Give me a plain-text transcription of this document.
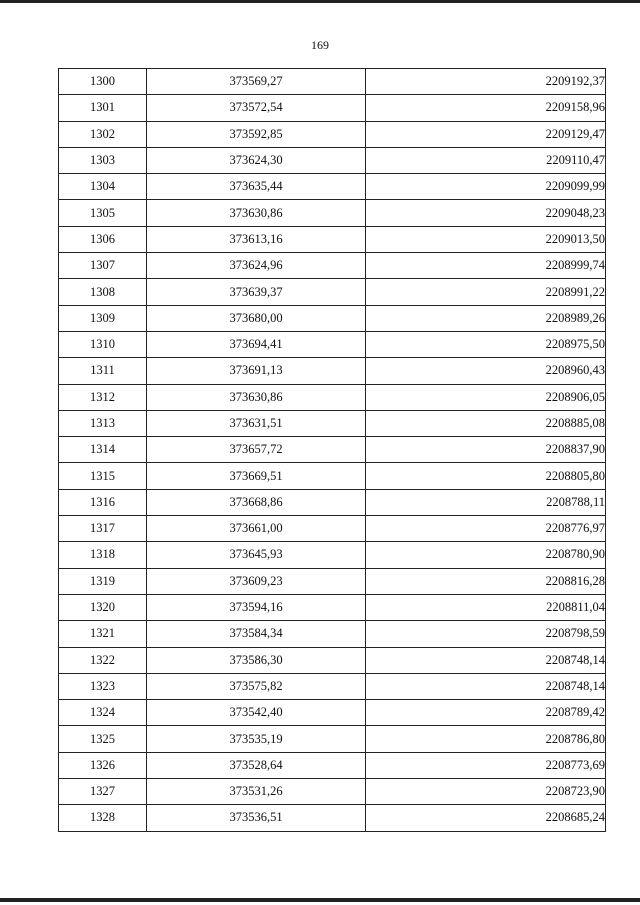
169
1300	373569,27	2209192,37
1301	373572,54	2209158,96
1302	373592,85	2209129,47
1303	373624,30	2209110,47
1304	373635,44	2209099,99
1305	373630,86	2209048,23
1306	373613,16	2209013,50
1307	373624,96	2208999,74
1308	373639,37	2208991,22
1309	373680,00	2208989,26
1310	373694,41	2208975,50
1311	373691,13	2208960,43
1312	373630,86	2208906,05
1313	373631,51	2208885,08
1314	373657,72	2208837,90
1315	373669,51	2208805,80
1316	373668,86	2208788,11
1317	373661,00	2208776,97
1318	373645,93	2208780,90
1319	373609,23	2208816,28
1320	373594,16	2208811,04
1321	373584,34	2208798,59
1322	373586,30	2208748,14
1323	373575,82	2208748,14
1324	373542,40	2208789,42
1325	373535,19	2208786,80
1326	373528,64	2208773,69
1327	373531,26	2208723,90
1328	373536,51	2208685,24
